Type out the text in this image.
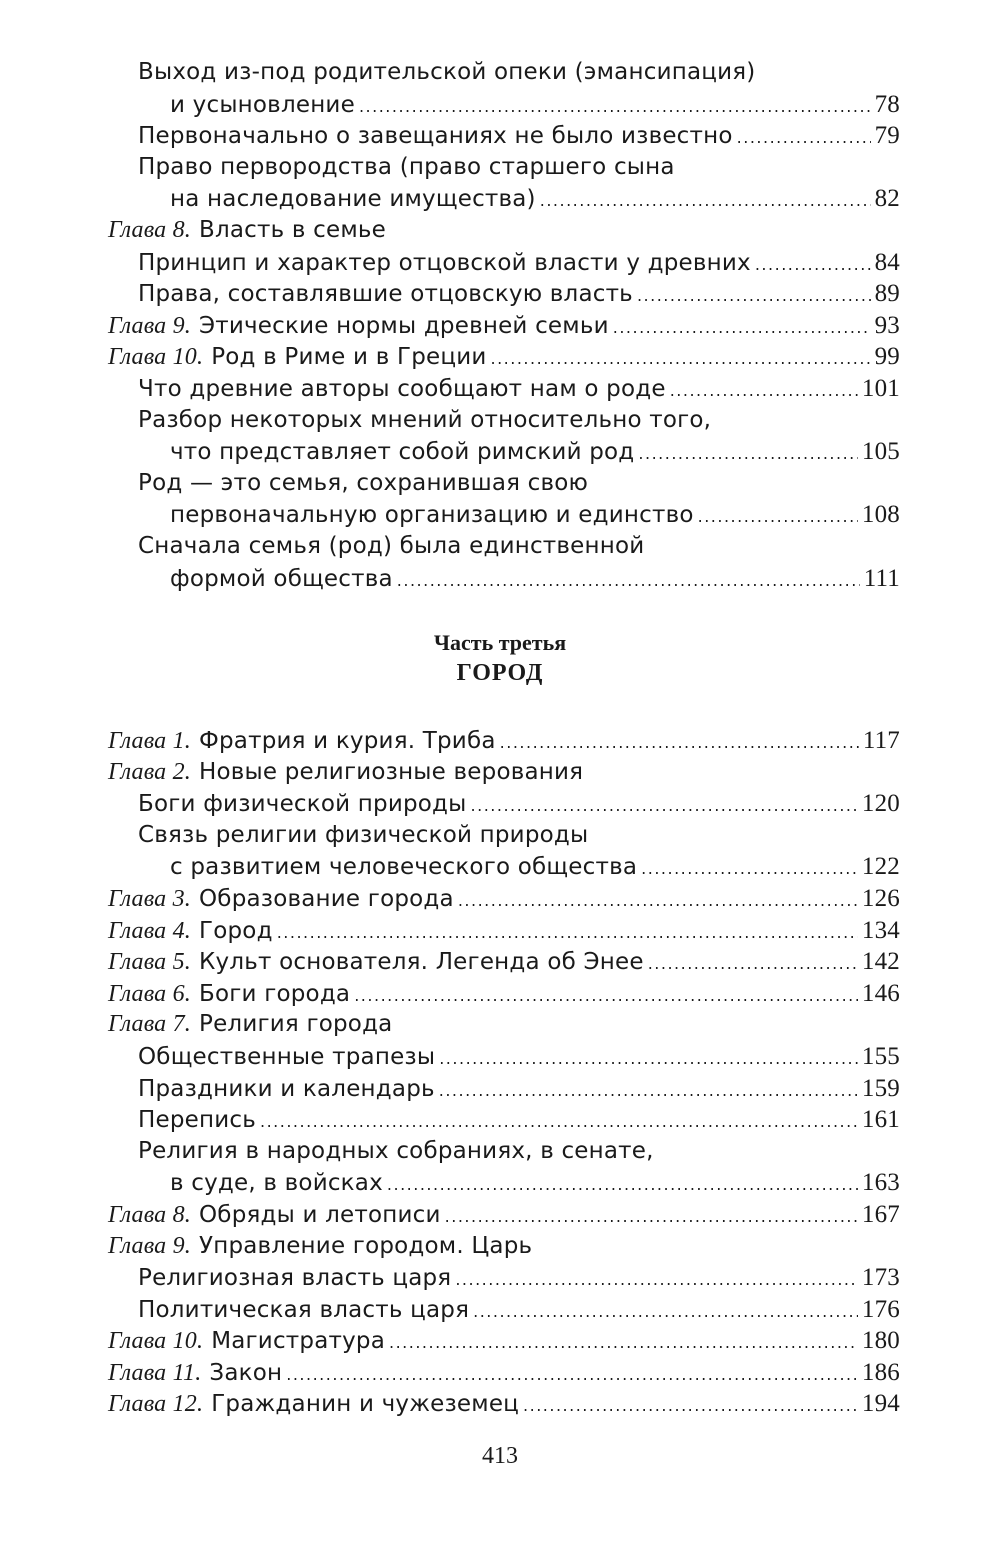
Выход из-под родительской опеки (эмансипация)
и усыновление .....	78
Первоначально о завещаниях не было известно .....	79
Право первородства (право старшего сына
на наследование имущества) .....	82
Глава 8. Власть в семье
Принцип и характер отцовской власти у древних .....	84
Права, составлявшие отцовскую власть .....	89
Глава 9. Этические нормы древней семьи .....	93
Глава 10. Род в Риме и в Греции .....	99
Что древние авторы сообщают нам о роде .....	101
Разбор некоторых мнений относительно того,
что представляет собой римский род .....	105
Род — это семья, сохранившая свою
первоначальную организацию и единство .....	108
Сначала семья (род) была единственной
формой общества .....	111
Часть третья
ГОРОД
Глава 1. Фратрия и курия. Триба .....	117
Глава 2. Новые религиозные верования
Боги физической природы .....	120
Связь религии физической природы
с развитием человеческого общества .....	122
Глава 3. Образование города .....	126
Глава 4. Город .....	134
Глава 5. Культ основателя. Легенда об Энее .....	142
Глава 6. Боги города .....	146
Глава 7. Религия города
Общественные трапезы .....	155
Праздники и календарь .....	159
Перепись .....	161
Религия в народных собраниях, в сенате,
в суде, в войсках .....	163
Глава 8. Обряды и летописи .....	167
Глава 9. Управление городом. Царь
Религиозная власть царя .....	173
Политическая власть царя .....	176
Глава 10. Магистратура .....	180
Глава 11. Закон .....	186
Глава 12. Гражданин и чужеземец .....	194
413
